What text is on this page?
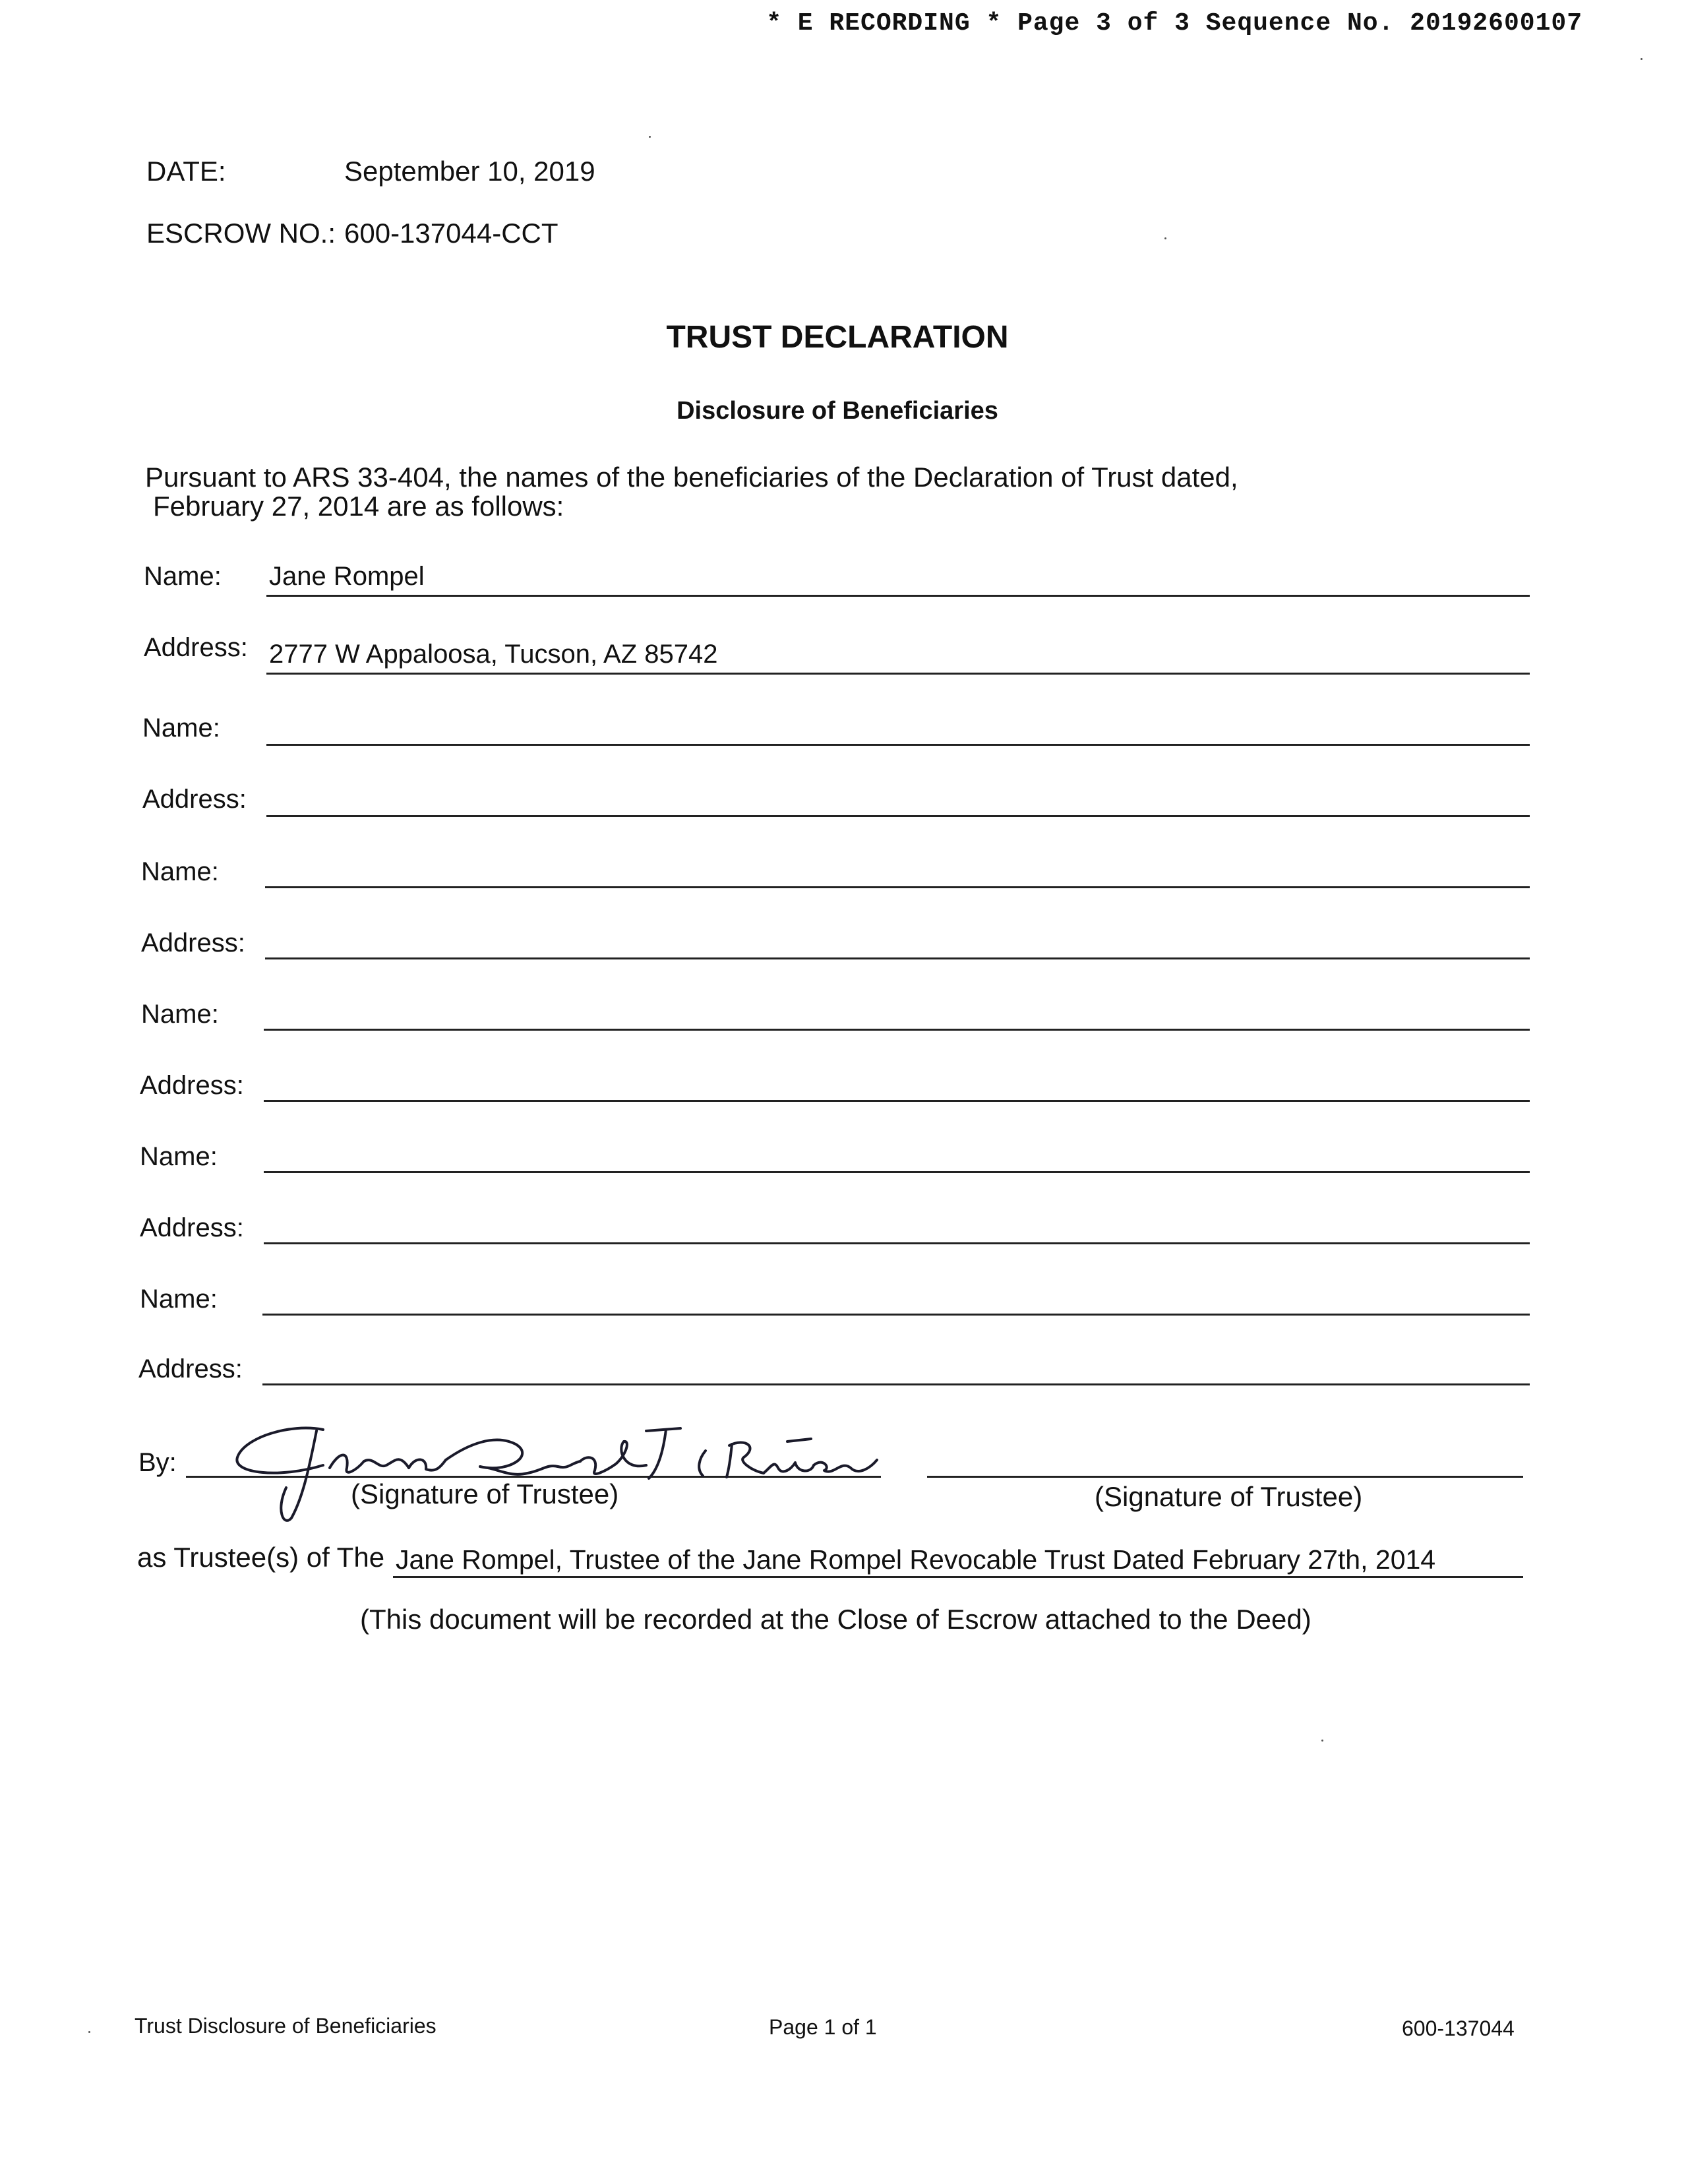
* E RECORDING * Page 3 of 3 Sequence No. 20192600107
DATE:	September 10, 2019
ESCROW NO.: 600-137044-CCT
TRUST DECLARATION
Disclosure of Beneficiaries
Pursuant to ARS 33-404, the names of the beneficiaries of the Declaration of Trust dated,
February 27, 2014 are as follows:
Name: Jane Rompel
Address: 2777 W Appaloosa, Tucson, AZ 85742
Name:
Address:
Name:
Address:
Name:
Address:
Name:
Address:
Name:
Address:
By:
(Signature of Trustee)	(Signature of Trustee)
as Trustee(s) of The Jane Rompel, Trustee of the Jane Rompel Revocable Trust Dated February 27th, 2014
(This document will be recorded at the Close of Escrow attached to the Deed)
Trust Disclosure of Beneficiaries	Page 1 of 1	600-137044
